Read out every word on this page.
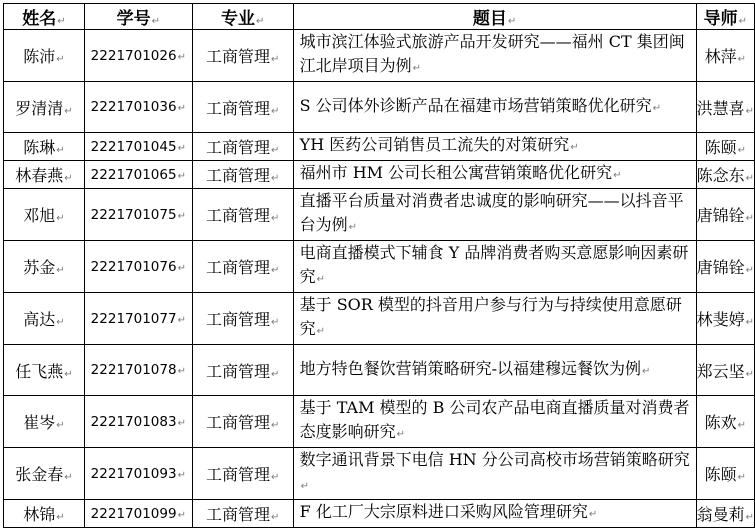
姓名↵	学号↵	专业↵	题目↵	导师↵
陈沛↵	2221701026↵	工商管理↵	城市滨江体验式旅游产品开发研究——福州 CT 集团闽江北岸项目为例↵	林萍↵
罗清清↵	2221701036↵	工商管理↵	S 公司体外诊断产品在福建市场营销策略优化研究↵	洪慧喜↵
陈琳↵	2221701045↵	工商管理↵	YH 医药公司销售员工流失的对策研究↵	陈颐↵
林春燕↵	2221701065↵	工商管理↵	福州市 HM 公司长租公寓营销策略优化研究↵	陈念东↵
邓旭↵	2221701075↵	工商管理↵	直播平台质量对消费者忠诚度的影响研究——以抖音平台为例↵	唐锦铨↵
苏金↵	2221701076↵	工商管理↵	电商直播模式下辅食 Y 品牌消费者购买意愿影响因素研究↵	唐锦铨↵
高达↵	2221701077↵	工商管理↵	基于 SOR 模型的抖音用户参与行为与持续使用意愿研究↵	林斐婷↵
任飞燕↵	2221701078↵	工商管理↵	地方特色餐饮营销策略研究-以福建穆远餐饮为例↵	郑云坚↵
崔岑↵	2221701083↵	工商管理↵	基于 TAM 模型的 B 公司农产品电商直播质量对消费者态度影响研究↵	陈欢↵
张金春↵	2221701093↵	工商管理↵	数字通讯背景下电信 HN 分公司高校市场营销策略研究↵	陈颐↵
林锦↵	2221701099↵	工商管理↵	F 化工厂大宗原料进口采购风险管理研究↵	翁曼莉↵
